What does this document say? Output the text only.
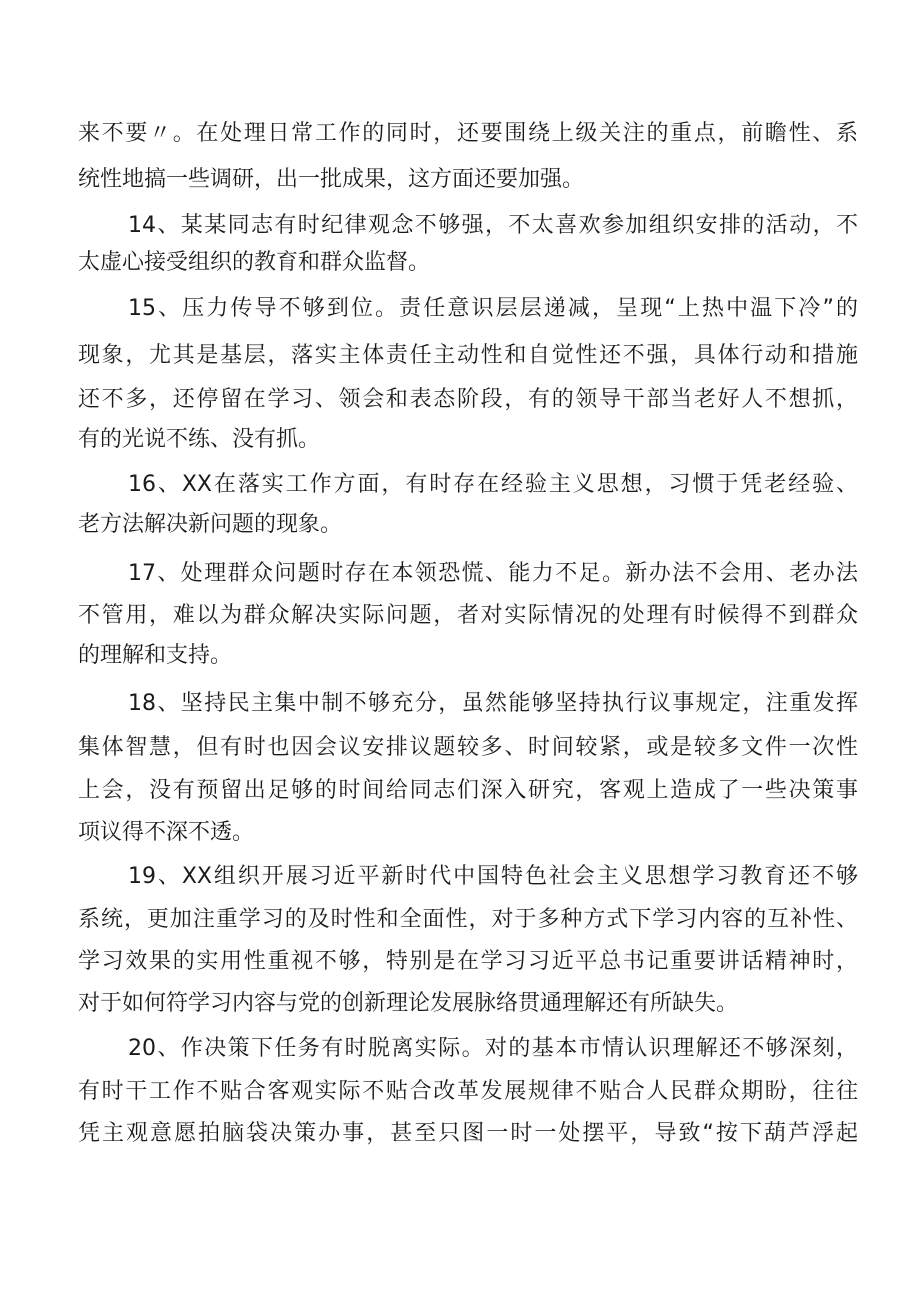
来不要〃。在处理日常工作的同时，还要围绕上级关注的重点，前瞻性、系
统性地搞一些调研，出一批成果，这方面还要加强。
14、某某同志有时纪律观念不够强，不太喜欢参加组织安排的活动，不
太虚心接受组织的教育和群众监督。
15、压力传导不够到位。责任意识层层递减，呈现“上热中温下冷”的
现象，尤其是基层，落实主体责任主动性和自觉性还不强，具体行动和措施
还不多，还停留在学习、领会和表态阶段，有的领导干部当老好人不想抓，
有的光说不练、没有抓。
16、XX在落实工作方面，有时存在经验主义思想，习惯于凭老经验、
老方法解决新问题的现象。
17、处理群众问题时存在本领恐慌、能力不足。新办法不会用、老办法
不管用，难以为群众解决实际问题，者对实际情况的处理有时候得不到群众
的理解和支持。
18、坚持民主集中制不够充分，虽然能够坚持执行议事规定，注重发挥
集体智慧，但有时也因会议安排议题较多、时间较紧，或是较多文件一次性
上会，没有预留出足够的时间给同志们深入研究，客观上造成了一些决策事
项议得不深不透。
19、XX组织开展习近平新时代中国特色社会主义思想学习教育还不够
系统，更加注重学习的及时性和全面性，对于多种方式下学习内容的互补性、
学习效果的实用性重视不够，特别是在学习习近平总书记重要讲话精神时，
对于如何符学习内容与党的创新理论发展脉络贯通理解还有所缺失。
20、作决策下任务有时脱离实际。对的基本市情认识理解还不够深刻，
有时干工作不贴合客观实际不贴合改革发展规律不贴合人民群众期盼，往往
凭主观意愿拍脑袋决策办事，甚至只图一时一处摆平，导致“按下葫芦浮起
